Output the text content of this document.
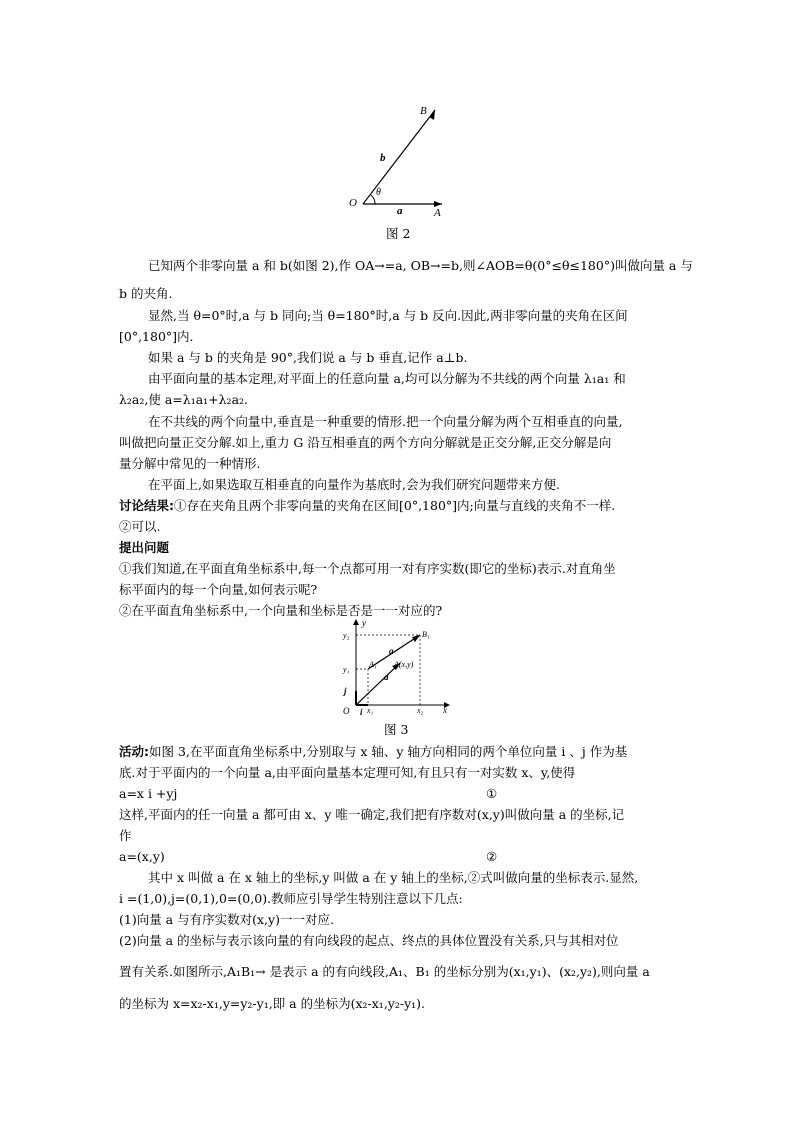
B
b
θ
O
a	A
图 2
已知两个非零向量 a 和 b(如图 2),作 OA→=a, OB→=b,则∠AOB=θ(0°≤θ≤180°)叫做向量 a 与
b 的夹角.
显然,当 θ=0°时,a 与 b 同向;当 θ=180°时,a 与 b 反向.因此,两非零向量的夹角在区间
[0°,180°]内.
如果 a 与 b 的夹角是 90°,我们说 a 与 b 垂直,记作 a⊥b.
由平面向量的基本定理,对平面上的任意向量 a,均可以分解为不共线的两个向量 λ₁a₁ 和
λ₂a₂,使 a=λ₁a₁+λ₂a₂.
在不共线的两个向量中,垂直是一种重要的情形.把一个向量分解为两个互相垂直的向量,
叫做把向量正交分解.如上,重力 G 沿互相垂直的两个方向分解就是正交分解,正交分解是向
量分解中常见的一种情形.
在平面上,如果选取互相垂直的向量作为基底时,会为我们研究问题带来方便.
讨论结果:①存在夹角且两个非零向量的夹角在区间[0°,180°]内;向量与直线的夹角不一样.
②可以.
提出问题
①我们知道,在平面直角坐标系中,每一个点都可用一对有序实数(即它的坐标)表示.对直角坐
标平面内的每一个向量,如何表示呢?
②在平面直角坐标系中,一个向量和坐标是否是一一对应的?
y
y₂	B₁
y₁
A₁ A(x,y)
a
a
j
O i x₁	x₂ x
图 3
活动:如图 3,在平面直角坐标系中,分别取与 x 轴、y 轴方向相同的两个单位向量 i 、j 作为基
底.对于平面内的一个向量 a,由平面向量基本定理可知,有且只有一对实数 x、y,使得
a=x i +yj	①
这样,平面内的任一向量 a 都可由 x、y 唯一确定,我们把有序数对(x,y)叫做向量 a 的坐标,记
作
a=(x,y)	②
其中 x 叫做 a 在 x 轴上的坐标,y 叫做 a 在 y 轴上的坐标,②式叫做向量的坐标表示.显然,
i =(1,0),j=(0,1),0=(0,0).教师应引导学生特别注意以下几点:
(1)向量 a 与有序实数对(x,y)一一对应.
(2)向量 a 的坐标与表示该向量的有向线段的起点、终点的具体位置没有关系,只与其相对位
置有关系.如图所示,A₁B₁→ 是表示 a 的有向线段,A₁、B₁ 的坐标分别为(x₁,y₁)、(x₂,y₂),则向量 a
的坐标为 x=x₂-x₁,y=y₂-y₁,即 a 的坐标为(x₂-x₁,y₂-y₁).
